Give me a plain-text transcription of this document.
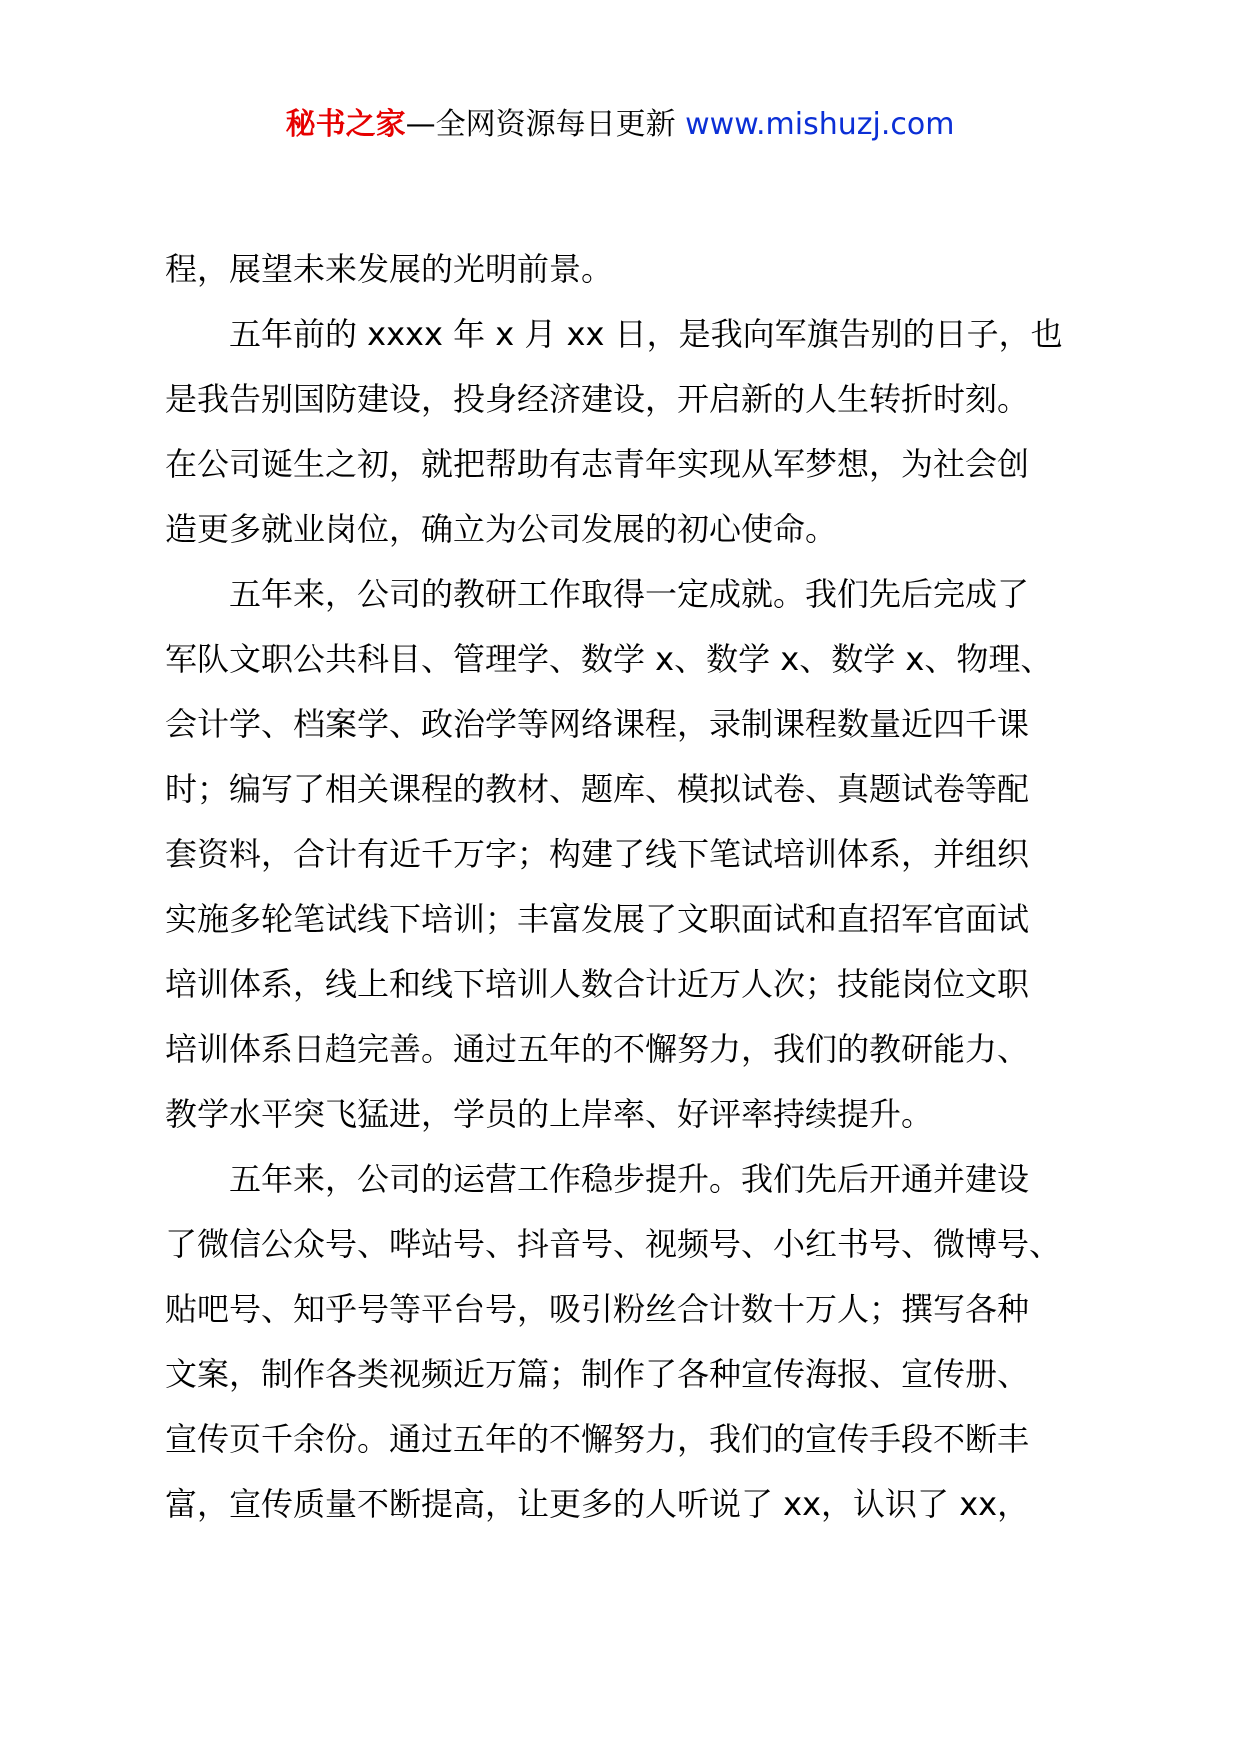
秘书之家—全网资源每日更新 www.mishuzj.com
程，展望未来发展的光明前景。
五年前的 xxxx 年 x 月 xx 日，是我向军旗告别的日子，也
是我告别国防建设，投身经济建设，开启新的人生转折时刻。
在公司诞生之初，就把帮助有志青年实现从军梦想，为社会创
造更多就业岗位，确立为公司发展的初心使命。
五年来，公司的教研工作取得一定成就。我们先后完成了
军队文职公共科目、管理学、数学 x、数学 x、数学 x、物理、
会计学、档案学、政治学等网络课程，录制课程数量近四千课
时；编写了相关课程的教材、题库、模拟试卷、真题试卷等配
套资料，合计有近千万字；构建了线下笔试培训体系，并组织
实施多轮笔试线下培训；丰富发展了文职面试和直招军官面试
培训体系，线上和线下培训人数合计近万人次；技能岗位文职
培训体系日趋完善。通过五年的不懈努力，我们的教研能力、
教学水平突飞猛进，学员的上岸率、好评率持续提升。
五年来，公司的运营工作稳步提升。我们先后开通并建设
了微信公众号、哔站号、抖音号、视频号、小红书号、微博号、
贴吧号、知乎号等平台号，吸引粉丝合计数十万人；撰写各种
文案，制作各类视频近万篇；制作了各种宣传海报、宣传册、
宣传页千余份。通过五年的不懈努力，我们的宣传手段不断丰
富，宣传质量不断提高，让更多的人听说了 xx，认识了 xx，
